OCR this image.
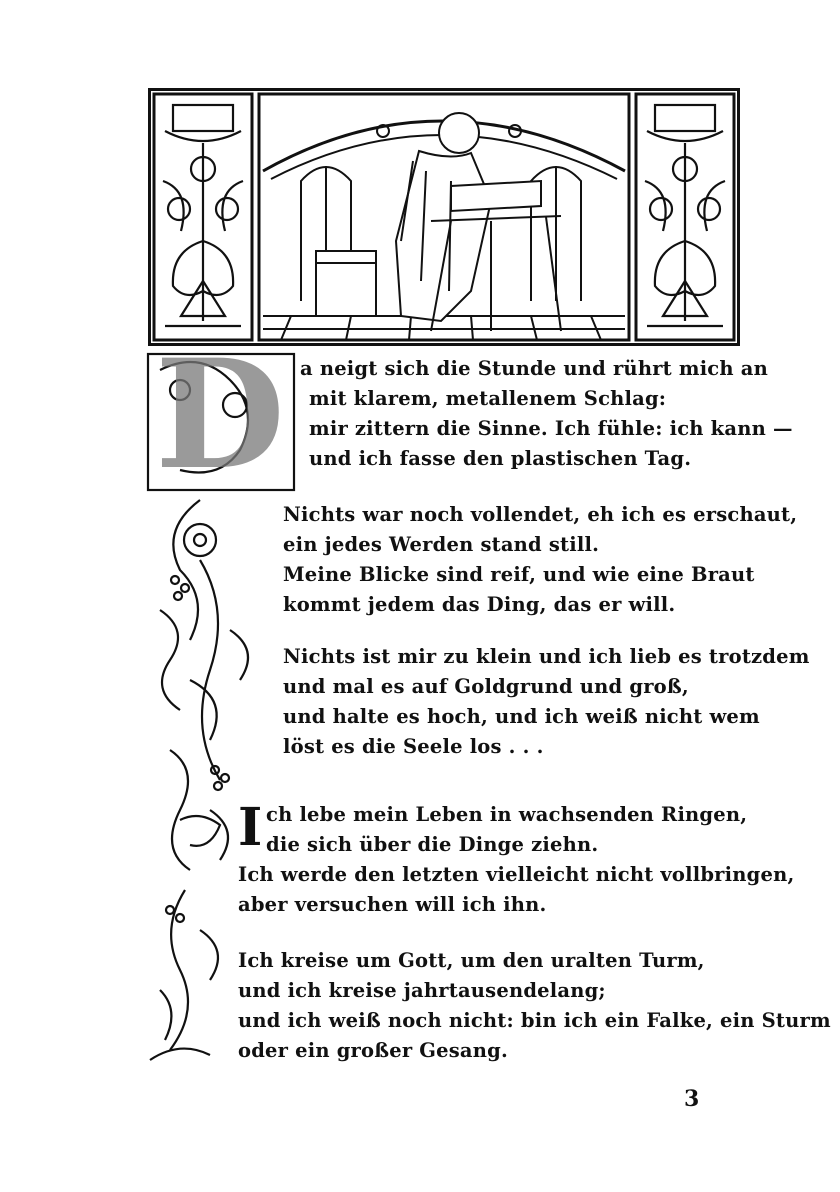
D a neigt sich die Stunde und rührt mich an
mit klarem, metallenem Schlag:
mir zittern die Sinne. Ich fühle: ich kann —
und ich fasse den plastischen Tag.
Nichts war noch vollendet, eh ich es erschaut,
ein jedes Werden stand still.
Meine Blicke sind reif, und wie eine Braut
kommt jedem das Ding, das er will.
Nichts ist mir zu klein und ich lieb es trotzdem
und mal es auf Goldgrund und groß,
und halte es hoch, und ich weiß nicht wem
löst es die Seele los . . .
I ch lebe mein Leben in wachsenden Ringen,
die sich über die Dinge ziehn.
Ich werde den letzten vielleicht nicht vollbringen,
aber versuchen will ich ihn.
Ich kreise um Gott, um den uralten Turm,
und ich kreise jahrtausendelang;
und ich weiß noch nicht: bin ich ein Falke, ein Sturm
oder ein großer Gesang.
3
